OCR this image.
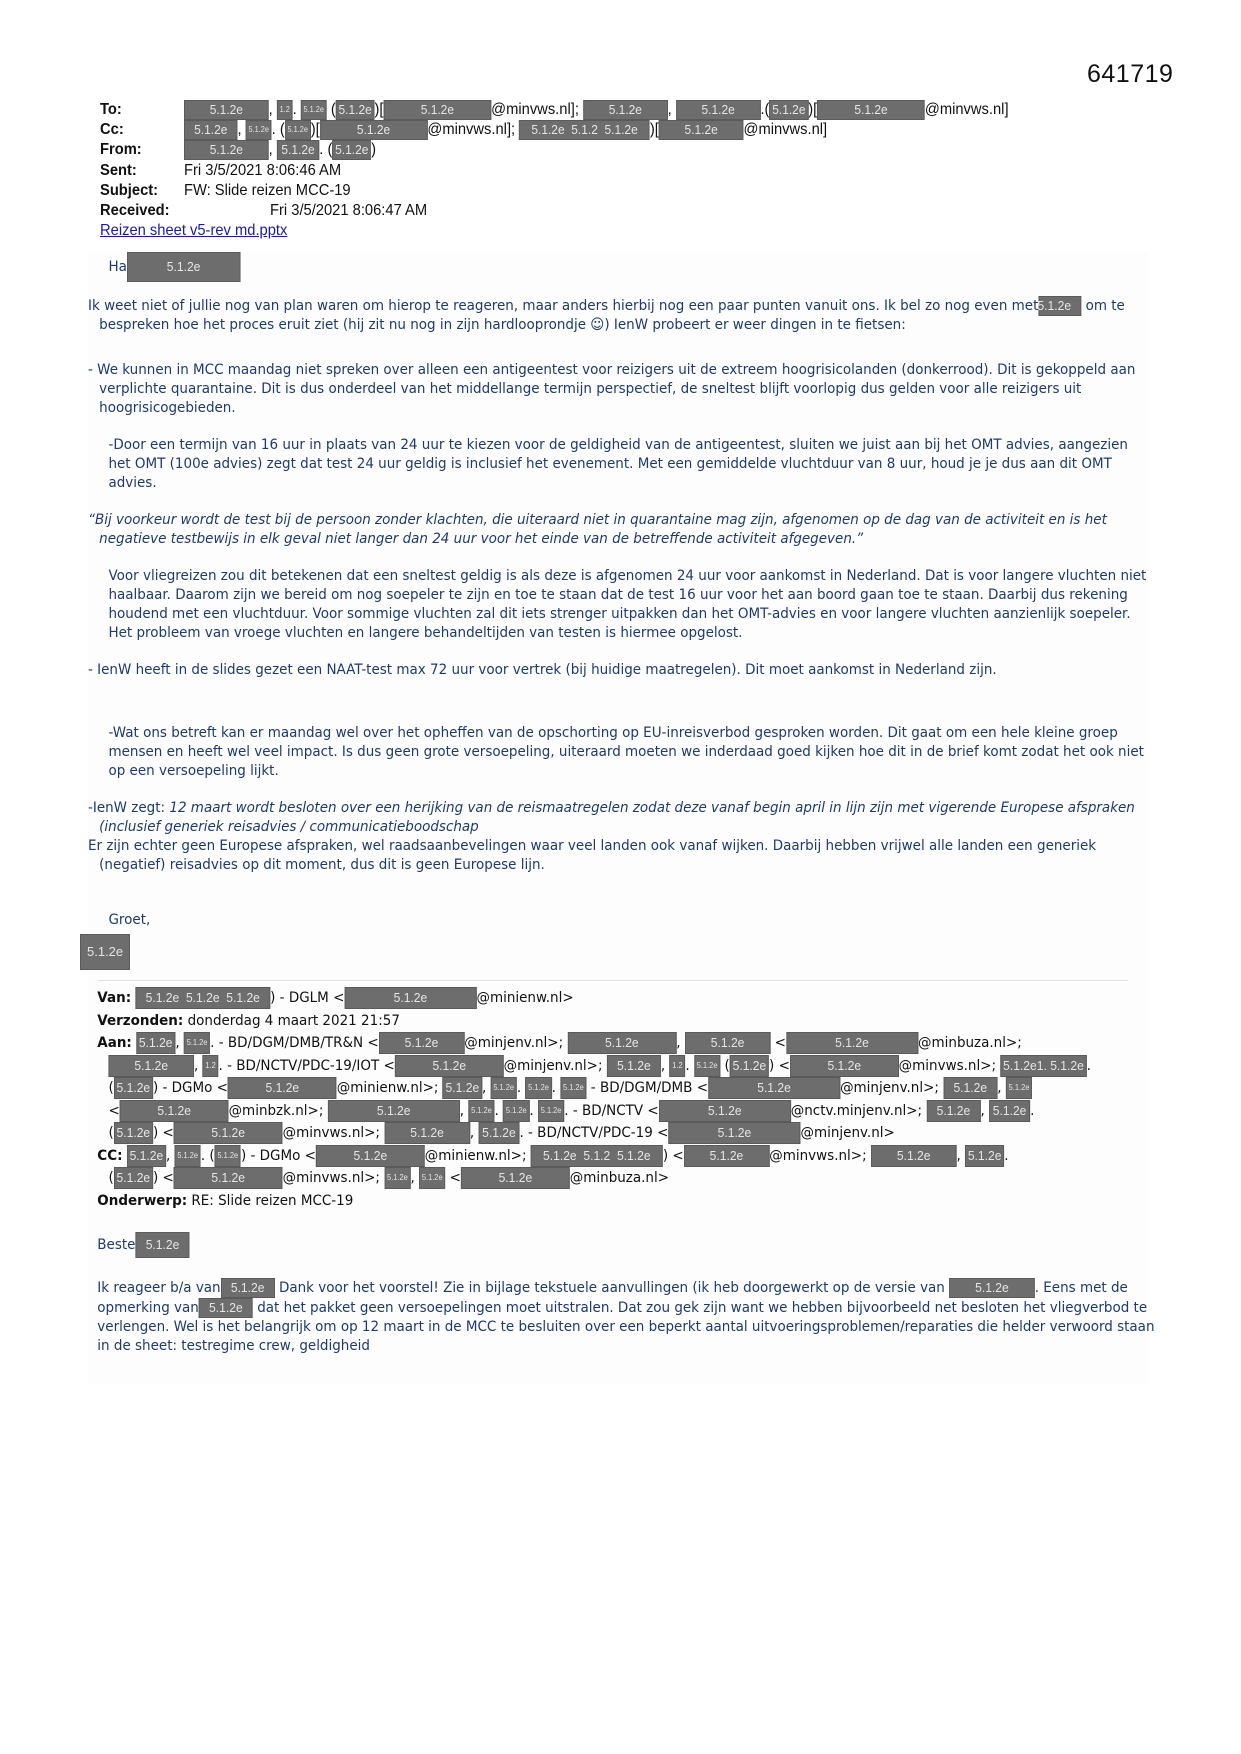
641719
To:	5.1.2e , 1.2 . 5.1.2e ( 5.1.2e )[	5.1.2e @minvws.nl]; 5.1.2e , 5.1.2e .( 5.1.2e )[	5.1.2e @minvws.nl]
Cc:	5.1.2e , 5.1.2e . ( 5.1.2e )[	5.1.2e @minvws.nl]; 5.1.2e  5.1.2  5.1.2e )[ 5.1.2e @minvws.nl]
From:	5.1.2e , 5.1.2e . ( 5.1.2e )
Sent:	Fri 3/5/2021 8:06:46 AM
Subject:	FW: Slide reizen MCC-19
Received:	Fri 3/5/2021 8:06:47 AM
Reizen sheet v5-rev md.pptx
Ha	5.1.2e
Ik weet niet of jullie nog van plan waren om hierop te reageren, maar anders hierbij nog een paar punten vanuit ons. Ik bel zo nog even met5.1.2e om te bespreken hoe het proces eruit ziet (hij zit nu nog in zijn hardlooprondje ☺) IenW probeert er weer dingen in te fietsen:
- We kunnen in MCC maandag niet spreken over alleen een antigeentest voor reizigers uit de extreem hoogrisicolanden (donkerrood). Dit is gekoppeld aan verplichte quarantaine. Dit is dus onderdeel van het middellange termijn perspectief, de sneltest blijft voorlopig dus gelden voor alle reizigers uit hoogrisicogebieden.
-Door een termijn van 16 uur in plaats van 24 uur te kiezen voor de geldigheid van de antigeentest, sluiten we juist aan bij het OMT advies, aangezien het OMT (100e advies) zegt dat test 24 uur geldig is inclusief het evenement. Met een gemiddelde vluchtduur van 8 uur, houd je je dus aan dit OMT advies.
“Bij voorkeur wordt de test bij de persoon zonder klachten, die uiteraard niet in quarantaine mag zijn, afgenomen op de dag van de activiteit en is het negatieve testbewijs in elk geval niet langer dan 24 uur voor het einde van de betreffende activiteit afgegeven.”
Voor vliegreizen zou dit betekenen dat een sneltest geldig is als deze is afgenomen 24 uur voor aankomst in Nederland. Dat is voor langere vluchten niet haalbaar. Daarom zijn we bereid om nog soepeler te zijn en toe te staan dat de test 16 uur voor het aan boord gaan toe te staan. Daarbij dus rekening houdend met een vluchtduur. Voor sommige vluchten zal dit iets strenger uitpakken dan het OMT-advies en voor langere vluchten aanzienlijk soepeler. Het probleem van vroege vluchten en langere behandeltijden van testen is hiermee opgelost.
- IenW heeft in de slides gezet een NAAT-test max 72 uur voor vertrek (bij huidige maatregelen). Dit moet aankomst in Nederland zijn.
-Wat ons betreft kan er maandag wel over het opheffen van de opschorting op EU-inreisverbod gesproken worden. Dit gaat om een hele kleine groep mensen en heeft wel veel impact. Is dus geen grote versoepeling, uiteraard moeten we inderdaad goed kijken hoe dit in de brief komt zodat het ook niet op een versoepeling lijkt.
-IenW zegt: 12 maart wordt besloten over een herijking van de reismaatregelen zodat deze vanaf begin april in lijn zijn met vigerende Europese afspraken (inclusief generiek reisadvies / communicatieboodschap
Er zijn echter geen Europese afspraken, wel raadsaanbevelingen waar veel landen ook vanaf wijken. Daarbij hebben vrijwel alle landen een generiek (negatief) reisadvies op dit moment, dus dit is geen Europese lijn.
Groet,
5.1.2e
Van: 5.1.2e  5.1.2e  5.1.2e ) - DGLM <	5.1.2e	@minienw.nl>
Verzonden: donderdag 4 maart 2021 21:57
Aan: 5.1.2e , 5.1.2e . - BD/DGM/DMB/TR&N < 5.1.2e @minjenv.nl>;	5.1.2e	, 5.1.2e <	5.1.2e	@minbuza.nl>;
5.1.2e , 1.2 . - BD/NCTV/PDC-19/IOT <	5.1.2e	@minjenv.nl>; 5.1.2e , 1.2 . 5.1.2e ( 5.1.2e ) <	5.1.2e	@minvws.nl>; 5.1.2e1. 5.1.2e .
( 5.1.2e ) - DGMo <	5.1.2e	@minienw.nl>; 5.1.2e , 5.1.2e . 5.1.2e . 5.1.2e - BD/DGM/DMB <	5.1.2e	@minjenv.nl>; 5.1.2e , 5.1.2e
<	5.1.2e	@minbzk.nl>;	5.1.2e	, 5.1.2e . 5.1.2e . 5.1.2e . - BD/NCTV <	5.1.2e	@nctv.minjenv.nl>; 5.1.2e , 5.1.2e .
( 5.1.2e ) <	5.1.2e	@minvws.nl>; 5.1.2e , 5.1.2e . - BD/NCTV/PDC-19 <	5.1.2e	@minjenv.nl>
CC: 5.1.2e , 5.1.2e . ( 5.1.2e ) - DGMo <	5.1.2e	@minienw.nl>; 5.1.2e  5.1.2  5.1.2e ) < 5.1.2e @minvws.nl>; 5.1.2e , 5.1.2e .
( 5.1.2e ) <	5.1.2e	@minvws.nl>; 5.1.2e , 5.1.2e <	5.1.2e	@minbuza.nl>
Onderwerp: RE: Slide reizen MCC-19
Beste 5.1.2e
Ik reageer b/a van 5.1.2e Dank voor het voorstel! Zie in bijlage tekstuele aanvullingen (ik heb doorgewerkt op de versie van 5.1.2e . Eens met de opmerking van 5.1.2e dat het pakket geen versoepelingen moet uitstralen. Dat zou gek zijn want we hebben bijvoorbeeld net besloten het vliegverbod te verlengen. Wel is het belangrijk om op 12 maart in de MCC te besluiten over een beperkt aantal uitvoeringsproblemen/reparaties die helder verwoord staan in de sheet: testregime crew, geldigheid
